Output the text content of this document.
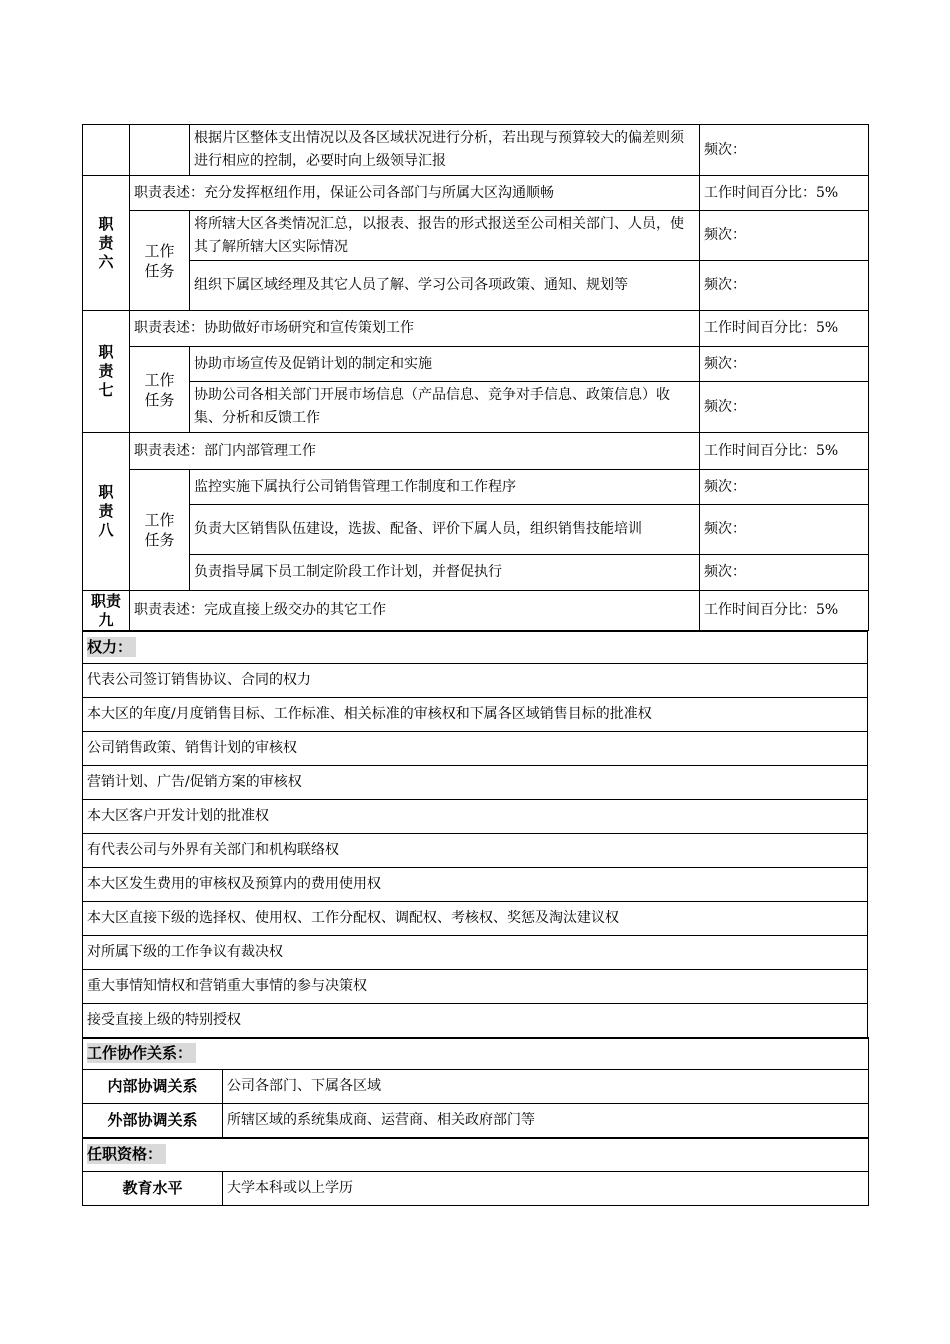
		根据片区整体支出情况以及各区域状况进行分析，若出现与预算较大的偏差则须进行相应的控制，必要时向上级领导汇报	频次：
职责六	职责表述：充分发挥枢纽作用，保证公司各部门与所属大区沟通顺畅		工作时间百分比：5%
	工作任务	将所辖大区各类情况汇总，以报表、报告的形式报送至公司相关部门、人员，使其了解所辖大区实际情况	频次：
		组织下属区域经理及其它人员了解、学习公司各项政策、通知、规划等	频次：
职责七	职责表述：协助做好市场研究和宣传策划工作		工作时间百分比：5%
	工作任务	协助市场宣传及促销计划的制定和实施	频次：
		协助公司各相关部门开展市场信息（产品信息、竞争对手信息、政策信息）收集、分析和反馈工作	频次：
职责八	职责表述：部门内部管理工作		工作时间百分比：5%
	工作任务	监控实施下属执行公司销售管理工作制度和工作程序	频次：
		负责大区销售队伍建设，选拔、配备、评价下属人员，组织销售技能培训	频次：
		负责指导属下员工制定阶段工作计划，并督促执行	频次：
职责九	职责表述：完成直接上级交办的其它工作		工作时间百分比：5%
权力：
代表公司签订销售协议、合同的权力
本大区的年度/月度销售目标、工作标准、相关标准的审核权和下属各区域销售目标的批准权
公司销售政策、销售计划的审核权
营销计划、广告/促销方案的审核权
本大区客户开发计划的批准权
有代表公司与外界有关部门和机构联络权
本大区发生费用的审核权及预算内的费用使用权
本大区直接下级的选择权、使用权、工作分配权、调配权、考核权、奖惩及淘汰建议权
对所属下级的工作争议有裁决权
重大事情知情权和营销重大事情的参与决策权
接受直接上级的特别授权
工作协作关系：	
内部协调关系	公司各部门、下属各区域
外部协调关系	所辖区域的系统集成商、运营商、相关政府部门等
任职资格：
教育水平	大学本科或以上学历
